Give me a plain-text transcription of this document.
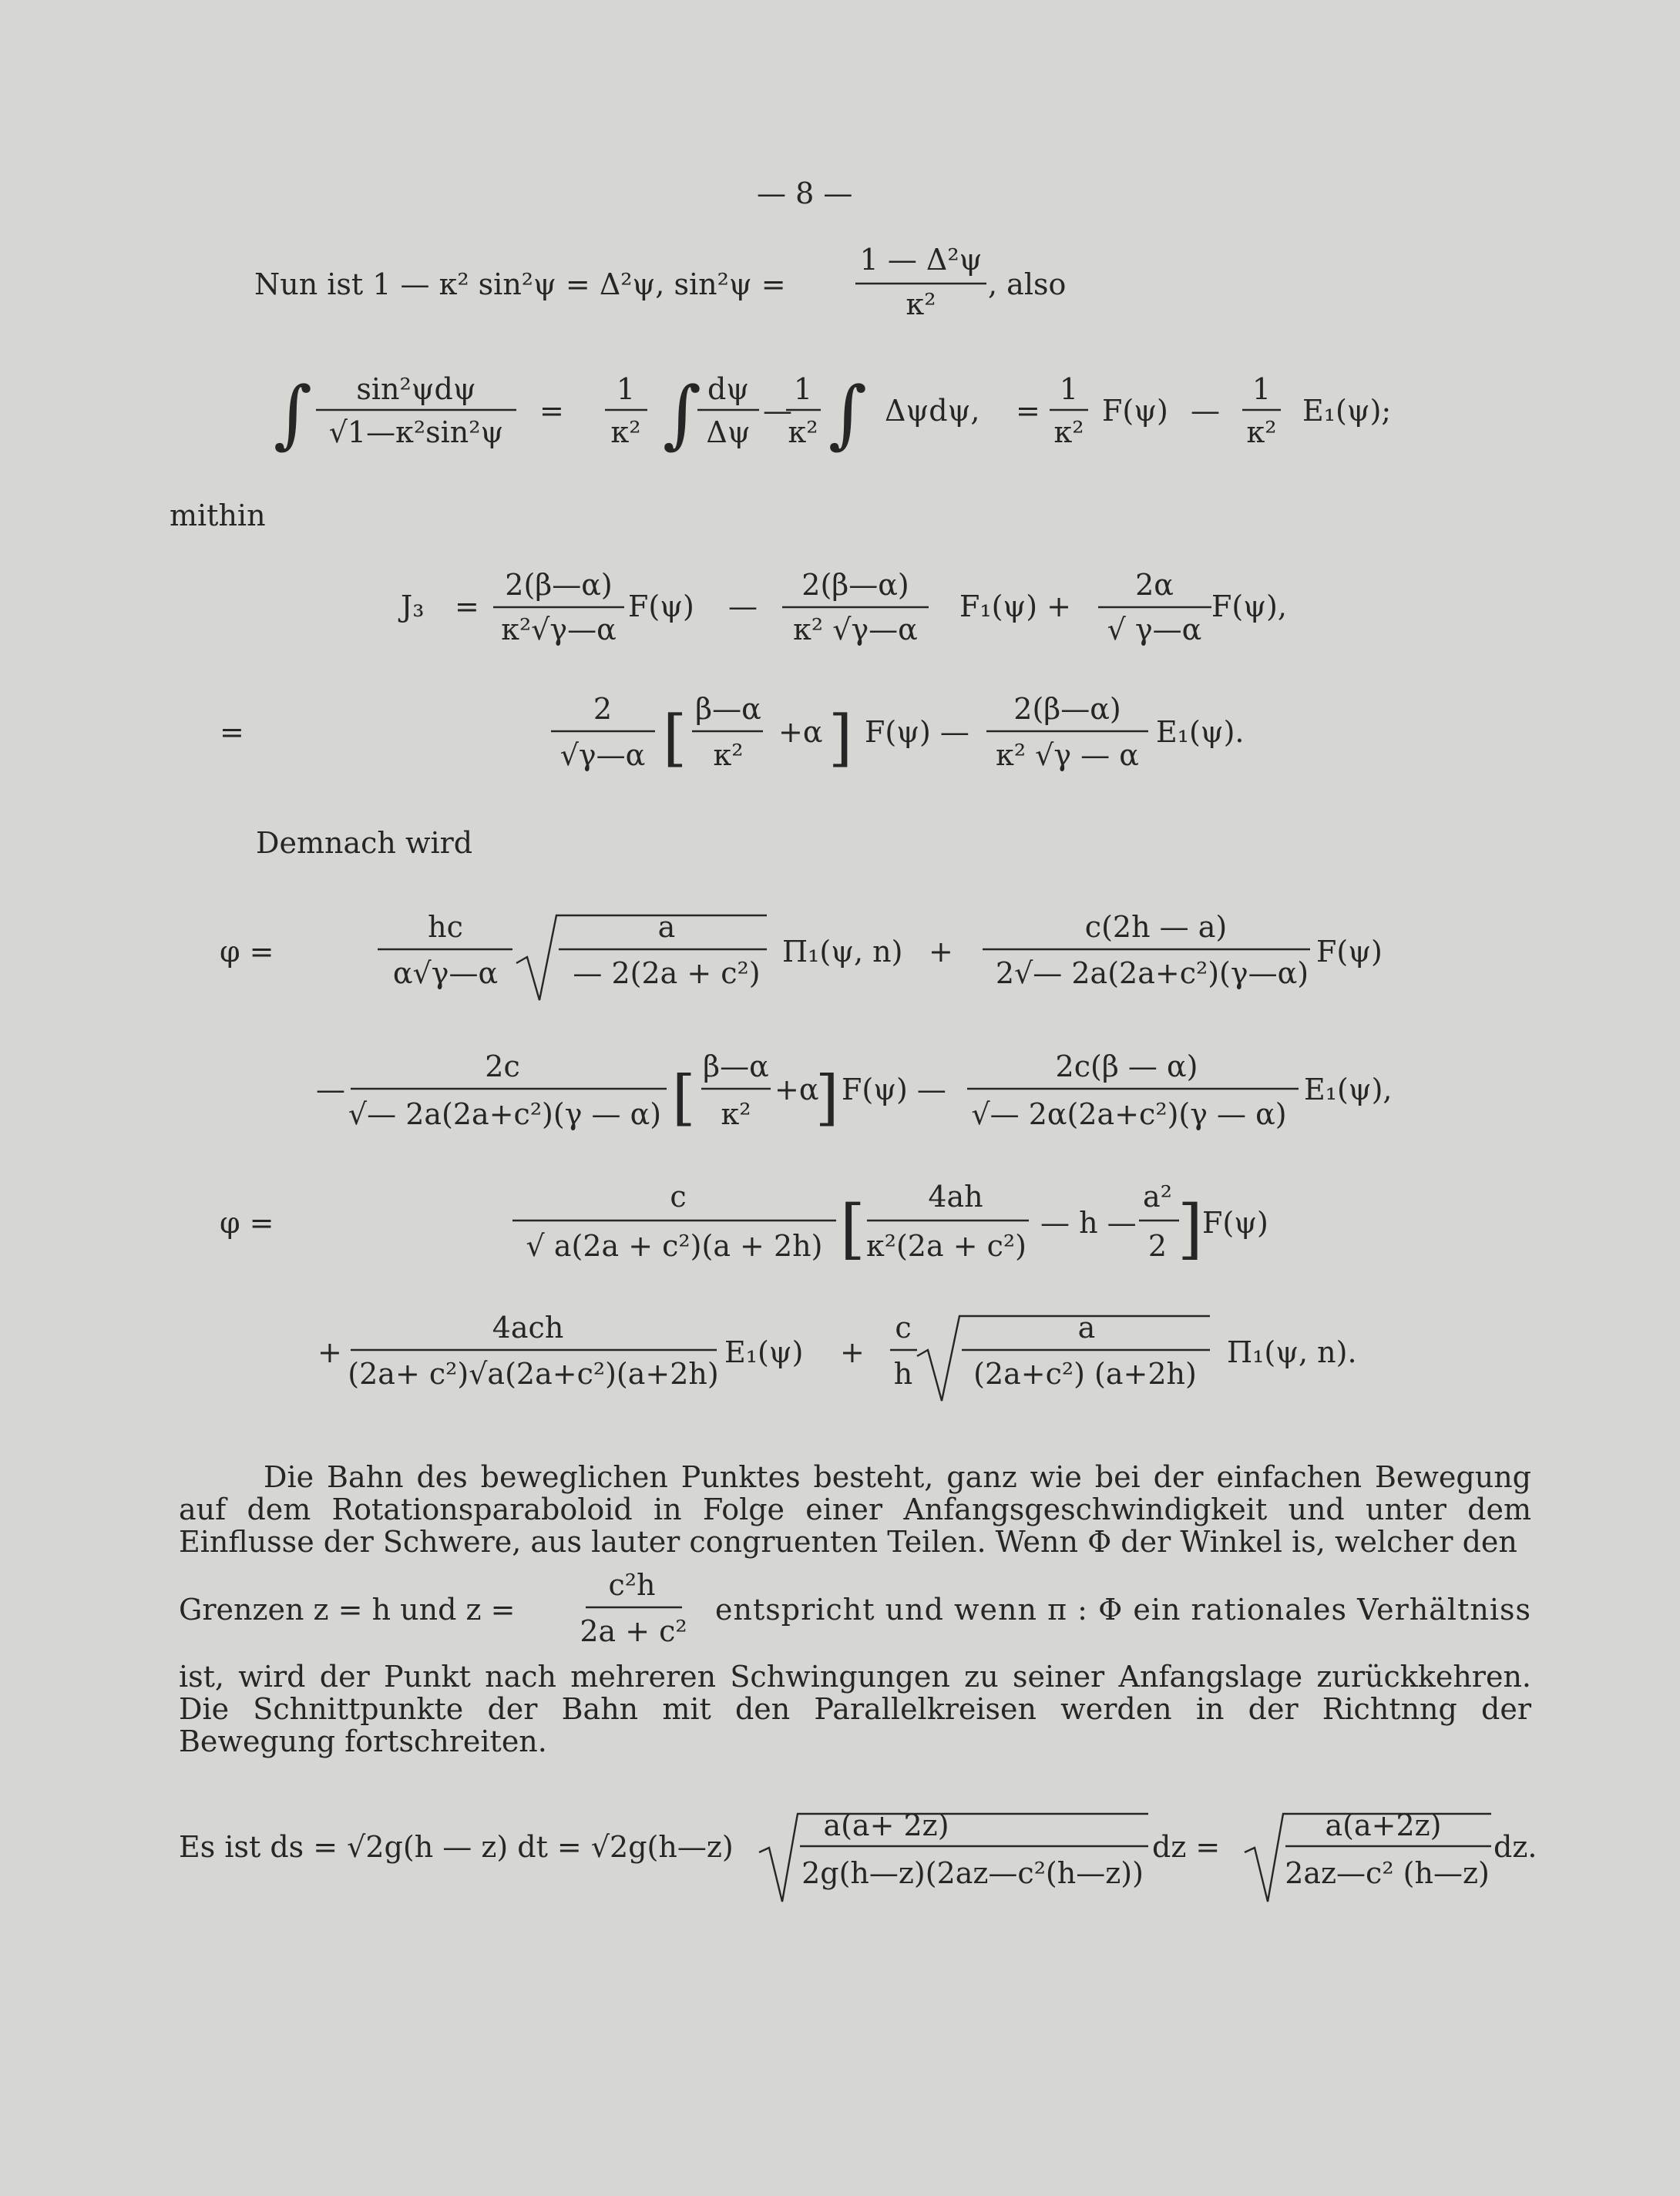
— 8 —
Nun ist 1 — κ² sin²ψ = Δ²ψ, sin²ψ =
1 — Δ²ψ
κ²
, also
∫ sin²ψdψ
√1—κ²sin²ψ
=
1
κ² ∫ dψ
Δψ
—
1
κ² ∫ Δψdψ, =
1
κ²
F(ψ) —
1
κ²
E₁(ψ);
mithin
J₃ =
2(β—α)
κ²√γ—α
F(ψ) —
2(β—α)
κ² √γ—α
F₁(ψ) +
2α
√ γ—α
F(ψ),
=
2
√γ—α [ β—α
κ²
+α ] F(ψ) —
2(β—α)
κ² √γ — α
E₁(ψ).
Demnach wird
φ =
hc
α√γ—α
a
— 2(2a + c²)
Π₁(ψ, n) +
c(2h — a)
2√— 2a(2a+c²)(γ—α)
F(ψ)
—
2c
√— 2a(2a+c²)(γ — α) [ β—α
κ²
+α
] F(ψ) —
2c(β — α)
√— 2α(2a+c²)(γ — α)
E₁(ψ),
φ =
c
√ a(2a + c²)(a + 2h) [ 4ah
κ²(2a + c²)
— h —
a²
2 ] F(ψ)
+
4ach
(2a+ c²)√a(2a+c²)(a+2h)
E₁(ψ) +
c
h
a
(2a+c²) (a+2h)
Π₁(ψ, n).
Die Bahn des beweglichen Punktes besteht, ganz wie bei der einfachen Bewegung auf dem Rotationsparaboloid in Folge einer Anfangsgeschwindigkeit und unter dem Einflusse der Schwere, aus lauter congruenten Teilen. Wenn Φ der Winkel is, welcher den
Grenzen z = h und z =
c²h
2a + c²
entspricht und wenn π : Φ ein rationales Verhältniss
ist, wird der Punkt nach mehreren Schwingungen zu seiner Anfangslage zurückkehren. Die Schnittpunkte der Bahn mit den Parallelkreisen werden in der Richtnng der Bewegung fortschreiten.
Es ist ds = √2g(h — z) dt = √2g(h—z)
a(a+ 2z)
2g(h—z)(2az—c²(h—z))
dz =
a(a+2z)
2az—c² (h—z)
dz.
